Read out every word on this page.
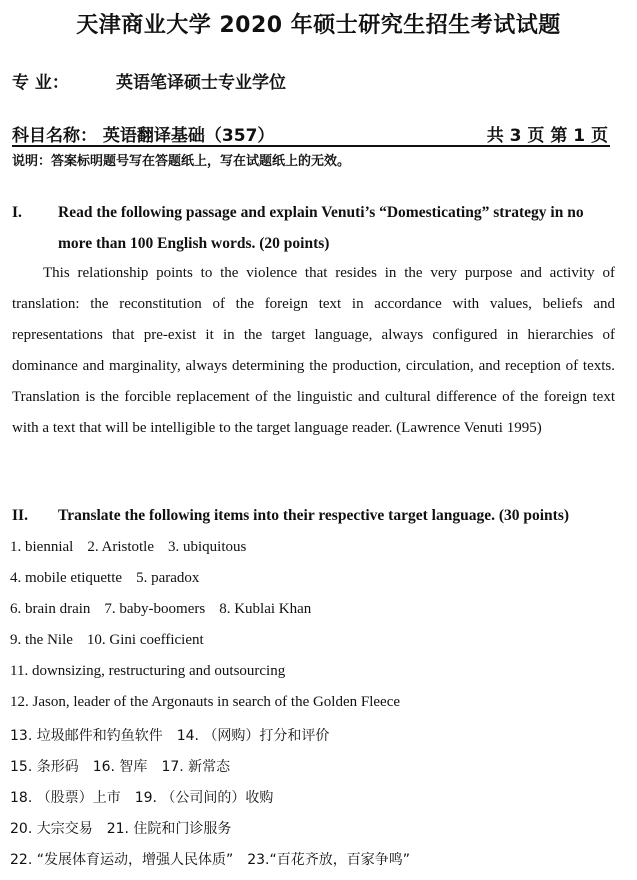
天津商业大学 2020 年硕士研究生招生考试试题
专 业：	英语笔译硕士专业学位
科目名称： 英语翻译基础（357）	共 3 页 第 1 页
说明：答案标明题号写在答题纸上，写在试题纸上的无效。
I.	Read the following passage and explain Venuti’s “Domesticating” strategy in no more than 100 English words. (20 points)
This relationship points to the violence that resides in the very purpose and activity of translation: the reconstitution of the foreign text in accordance with values, beliefs and representations that pre-exist it in the target language, always configured in hierarchies of dominance and marginality, always determining the production, circulation, and reception of texts. Translation is the forcible replacement of the linguistic and cultural difference of the foreign text with a text that will be intelligible to the target language reader. (Lawrence Venuti 1995)
II. Translate the following items into their respective target language. (30 points)
1. biennial 2. Aristotle 3. ubiquitous
4. mobile etiquette 5. paradox
6. brain drain 7. baby-boomers 8. Kublai Khan
9. the Nile 10. Gini coefficient
11. downsizing, restructuring and outsourcing
12. Jason, leader of the Argonauts in search of the Golden Fleece
13. 垃圾邮件和钓鱼软件 14. （网购）打分和评价
15. 条形码 16. 智库 17. 新常态
18. （股票）上市 19. （公司间的）收购
20. 大宗交易 21. 住院和门诊服务
22. “发展体育运动，增强人民体质” 23.“百花齐放，百家争鸣”
